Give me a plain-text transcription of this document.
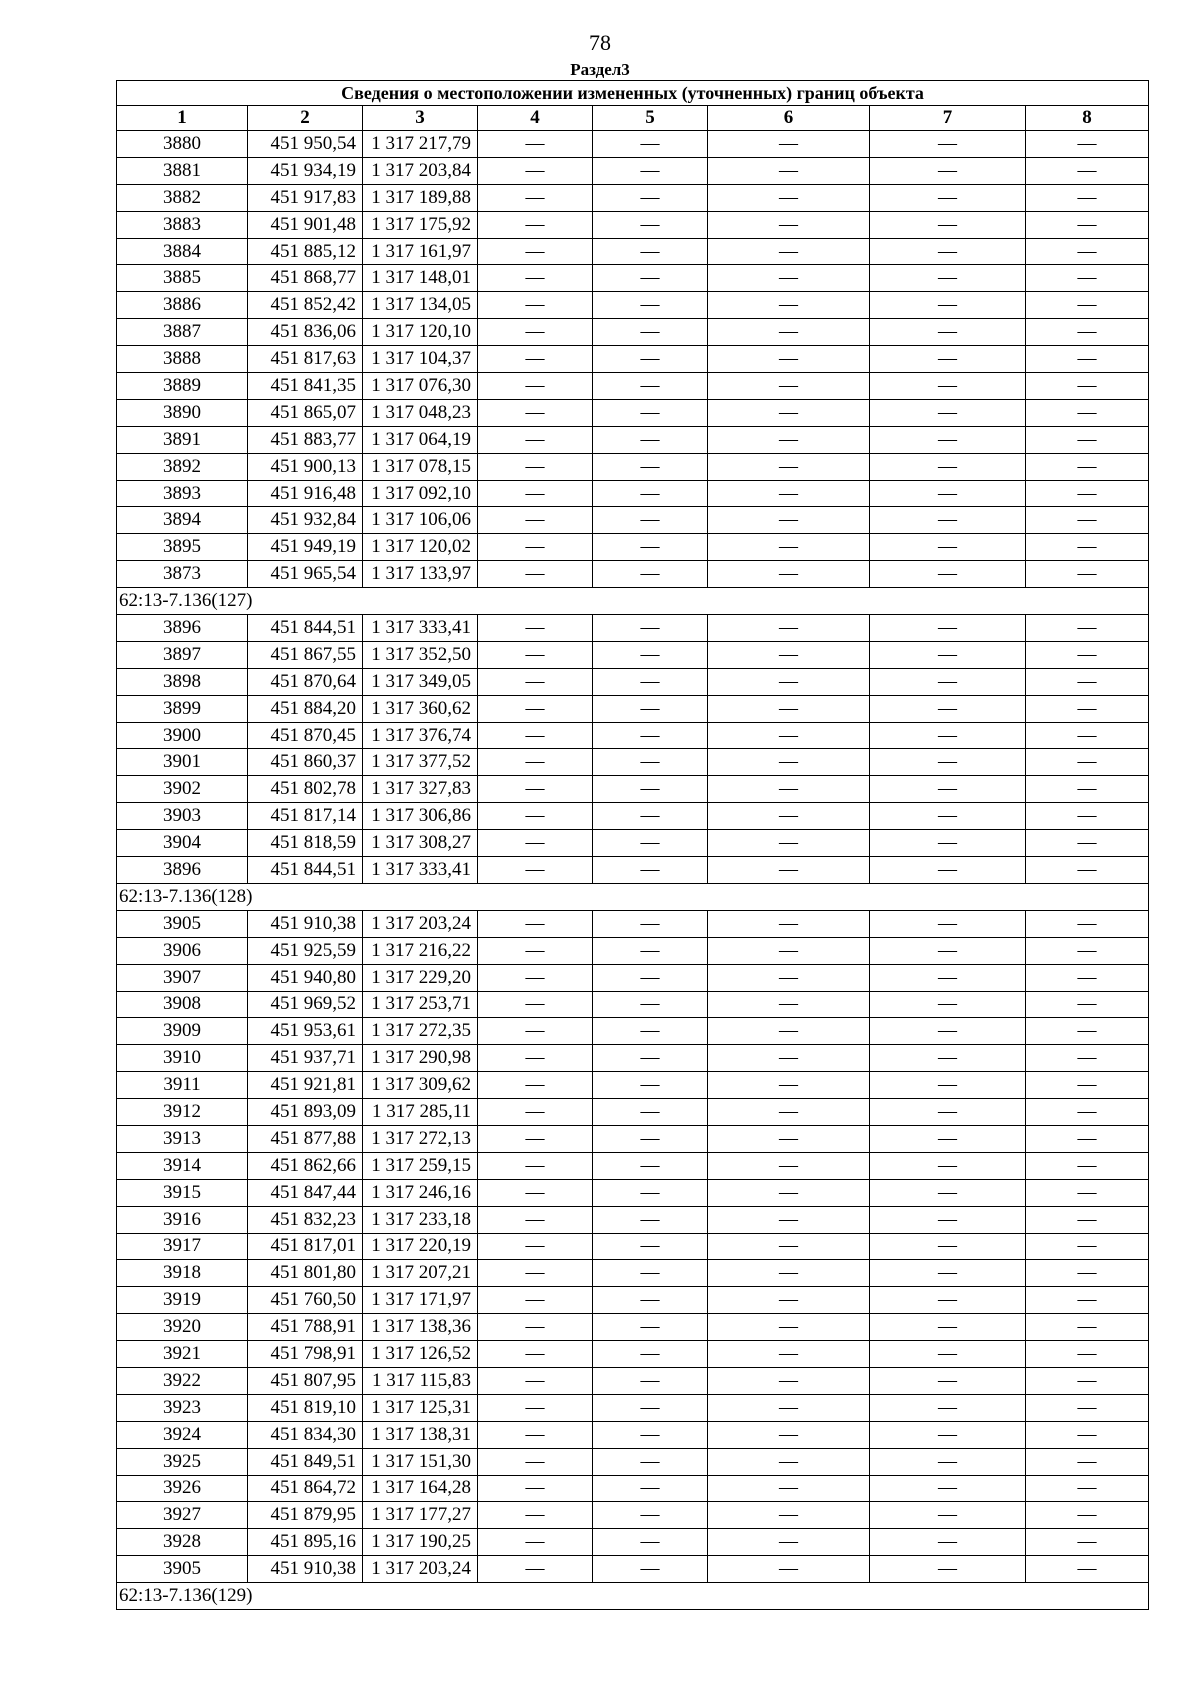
78
Раздел3
Сведения о местоположении измененных (уточненных) границ объекта							
1	2	3	4	5	6	7	8
3880	451 950,54	1 317 217,79	—	—	—	—	—
3881	451 934,19	1 317 203,84	—	—	—	—	—
3882	451 917,83	1 317 189,88	—	—	—	—	—
3883	451 901,48	1 317 175,92	—	—	—	—	—
3884	451 885,12	1 317 161,97	—	—	—	—	—
3885	451 868,77	1 317 148,01	—	—	—	—	—
3886	451 852,42	1 317 134,05	—	—	—	—	—
3887	451 836,06	1 317 120,10	—	—	—	—	—
3888	451 817,63	1 317 104,37	—	—	—	—	—
3889	451 841,35	1 317 076,30	—	—	—	—	—
3890	451 865,07	1 317 048,23	—	—	—	—	—
3891	451 883,77	1 317 064,19	—	—	—	—	—
3892	451 900,13	1 317 078,15	—	—	—	—	—
3893	451 916,48	1 317 092,10	—	—	—	—	—
3894	451 932,84	1 317 106,06	—	—	—	—	—
3895	451 949,19	1 317 120,02	—	—	—	—	—
3873	451 965,54	1 317 133,97	—	—	—	—	—
62:13-7.136(127)							
3896	451 844,51	1 317 333,41	—	—	—	—	—
3897	451 867,55	1 317 352,50	—	—	—	—	—
3898	451 870,64	1 317 349,05	—	—	—	—	—
3899	451 884,20	1 317 360,62	—	—	—	—	—
3900	451 870,45	1 317 376,74	—	—	—	—	—
3901	451 860,37	1 317 377,52	—	—	—	—	—
3902	451 802,78	1 317 327,83	—	—	—	—	—
3903	451 817,14	1 317 306,86	—	—	—	—	—
3904	451 818,59	1 317 308,27	—	—	—	—	—
3896	451 844,51	1 317 333,41	—	—	—	—	—
62:13-7.136(128)							
3905	451 910,38	1 317 203,24	—	—	—	—	—
3906	451 925,59	1 317 216,22	—	—	—	—	—
3907	451 940,80	1 317 229,20	—	—	—	—	—
3908	451 969,52	1 317 253,71	—	—	—	—	—
3909	451 953,61	1 317 272,35	—	—	—	—	—
3910	451 937,71	1 317 290,98	—	—	—	—	—
3911	451 921,81	1 317 309,62	—	—	—	—	—
3912	451 893,09	1 317 285,11	—	—	—	—	—
3913	451 877,88	1 317 272,13	—	—	—	—	—
3914	451 862,66	1 317 259,15	—	—	—	—	—
3915	451 847,44	1 317 246,16	—	—	—	—	—
3916	451 832,23	1 317 233,18	—	—	—	—	—
3917	451 817,01	1 317 220,19	—	—	—	—	—
3918	451 801,80	1 317 207,21	—	—	—	—	—
3919	451 760,50	1 317 171,97	—	—	—	—	—
3920	451 788,91	1 317 138,36	—	—	—	—	—
3921	451 798,91	1 317 126,52	—	—	—	—	—
3922	451 807,95	1 317 115,83	—	—	—	—	—
3923	451 819,10	1 317 125,31	—	—	—	—	—
3924	451 834,30	1 317 138,31	—	—	—	—	—
3925	451 849,51	1 317 151,30	—	—	—	—	—
3926	451 864,72	1 317 164,28	—	—	—	—	—
3927	451 879,95	1 317 177,27	—	—	—	—	—
3928	451 895,16	1 317 190,25	—	—	—	—	—
3905	451 910,38	1 317 203,24	—	—	—	—	—
62:13-7.136(129)							
